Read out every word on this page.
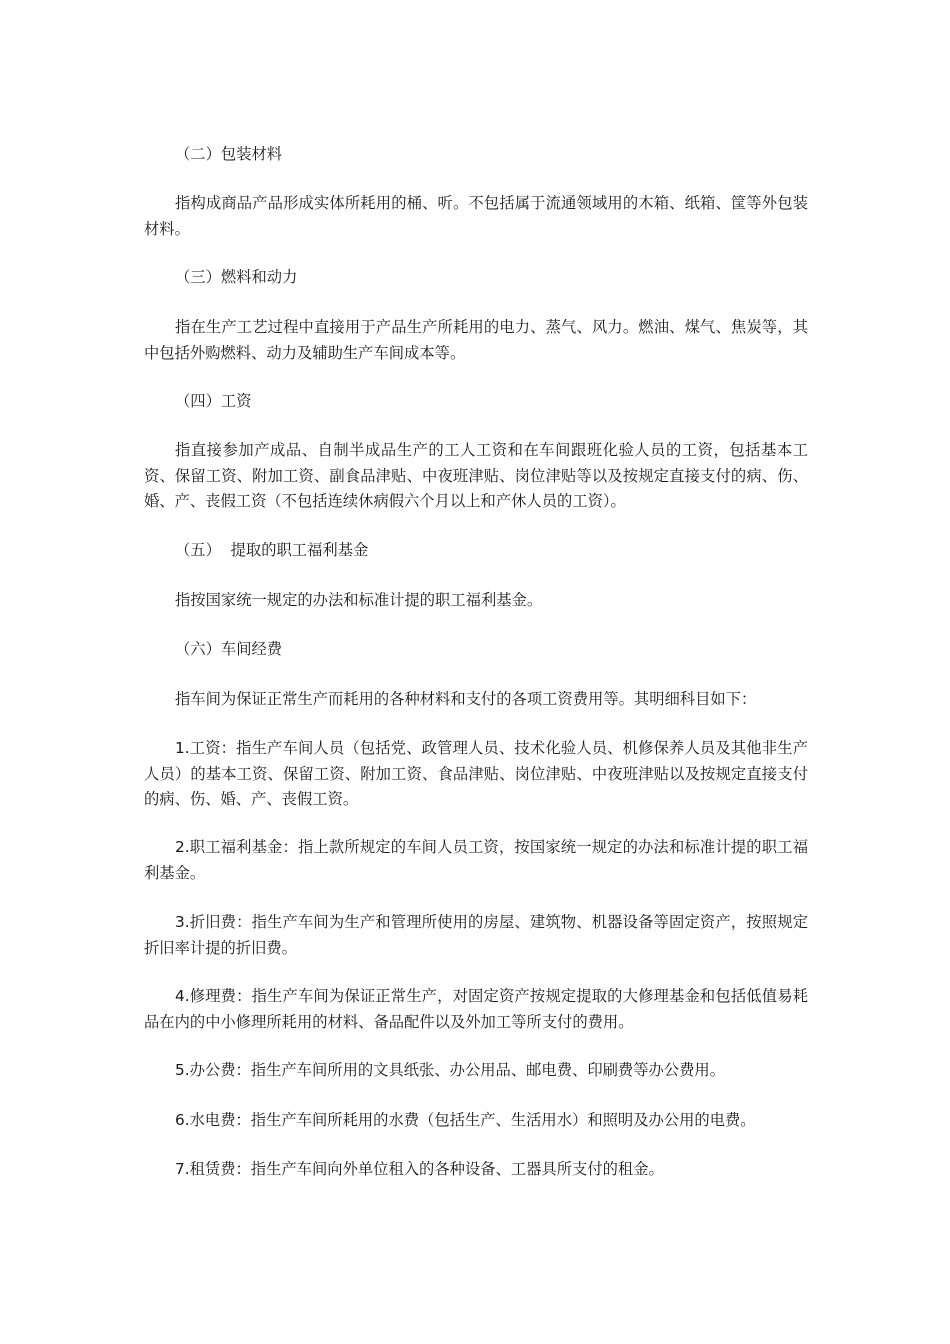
（二）包装材料

指构成商品产品形成实体所耗用的桶、听。不包括属于流通领域用的木箱、纸箱、筐等外包装材料。

（三）燃料和动力

指在生产工艺过程中直接用于产品生产所耗用的电力、蒸气、风力。燃油、煤气、焦炭等，其中包括外购燃料、动力及辅助生产车间成本等。

（四）工资

指直接参加产成品、自制半成品生产的工人工资和在车间跟班化验人员的工资，包括基本工资、保留工资、附加工资、副食品津贴、中夜班津贴、岗位津贴等以及按规定直接支付的病、伤、婚、产、丧假工资（不包括连续休病假六个月以上和产休人员的工资）。

（五）  提取的职工福利基金

指按国家统一规定的办法和标准计提的职工福利基金。

（六）车间经费

指车间为保证正常生产而耗用的各种材料和支付的各项工资费用等。其明细科目如下：

1.工资：指生产车间人员（包括党、政管理人员、技术化验人员、机修保养人员及其他非生产人员）的基本工资、保留工资、附加工资、食品津贴、岗位津贴、中夜班津贴以及按规定直接支付的病、伤、婚、产、丧假工资。

2.职工福利基金：指上款所规定的车间人员工资，按国家统一规定的办法和标准计提的职工福利基金。

3.折旧费：指生产车间为生产和管理所使用的房屋、建筑物、机器设备等固定资产，按照规定折旧率计提的折旧费。

4.修理费：指生产车间为保证正常生产，对固定资产按规定提取的大修理基金和包括低值易耗品在内的中小修理所耗用的材料、备品配件以及外加工等所支付的费用。

5.办公费：指生产车间所用的文具纸张、办公用品、邮电费、印刷费等办公费用。

6.水电费：指生产车间所耗用的水费（包括生产、生活用水）和照明及办公用的电费。

7.租赁费：指生产车间向外单位租入的各种设备、工器具所支付的租金。
